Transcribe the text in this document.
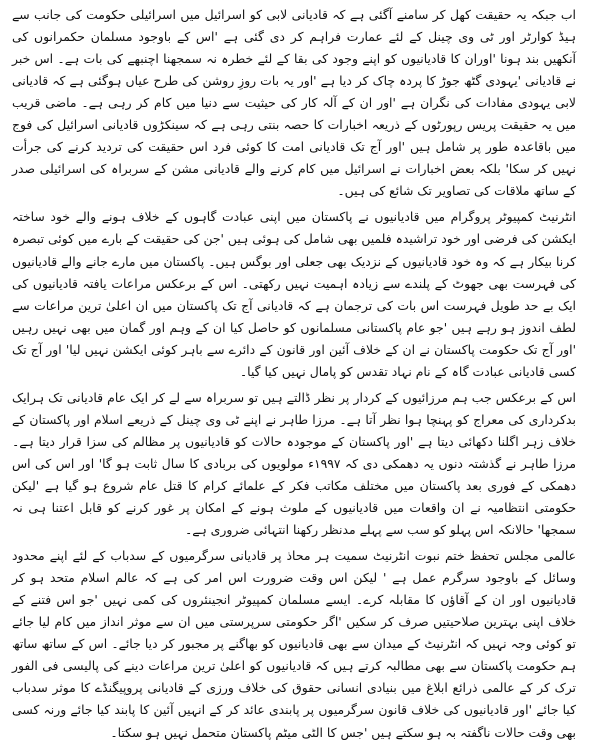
اب جبکہ یہ حقیقت کھل کر سامنے آگئی ہے کہ قادیانی لابی کو اسرائیل میں اسرائیلی حکومت کی جانب سے ہیڈ کوارٹر اور ٹی وی چینل کے لئے عمارت فراہم کر دی گئی ہے 'اس کے باوجود مسلمان حکمرانوں کی آنکھیں بند ہونا 'اوران کا قادیانیوں کو اپنے وجود کی بقا کے لئے خطرہ نہ سمجھنا اچنبھے کی بات ہے۔ اس خبر نے قادیانی 'یہودی گٹھ جوڑ کا پردہ چاک کر دیا ہے 'اور یہ بات روزِ روشن کی طرح عیاں ہوگئی ہے کہ قادیانی لابی یہودی مفادات کی نگران ہے 'اور ان کے آلہ کار کی حیثیت سے دنیا میں کام کر رہی ہے۔ ماضی قریب میں یہ حقیقت پریس رپورٹوں کے ذریعہ اخبارات کا حصہ بنتی رہی ہے کہ سینکڑوں قادیانی اسرائیل کی فوج میں باقاعدہ طور پر شامل ہیں 'اور آج تک قادیانی امت کا کوئی فرد اس حقیقت کی تردید کرنے کی جرأت نہیں کر سکا' بلکہ بعض اخبارات نے اسرائیل میں کام کرنے والے قادیانی مشن کے سربراہ کی اسرائیلی صدر کے ساتھ ملاقات کی تصاویر تک شائع کی ہیں۔

انٹرنیٹ کمپیوٹر پروگرام میں قادیانیوں نے پاکستان میں اپنی عبادت گاہوں کے خلاف ہونے والے خود ساختہ ایکشن کی فرضی اور خود تراشیدہ فلمیں بھی شامل کی ہوئی ہیں 'جن کی حقیقت کے بارے میں کوئی تبصرہ کرنا بیکار ہے کہ وہ خود قادیانیوں کے نزدیک بھی جعلی اور بوگس ہیں۔ پاکستان میں مارے جانے والے قادیانیوں کی فہرست بھی جھوٹ کے پلندے سے زیادہ اہمیت نہیں رکھتی۔ اس کے برعکس مراعات یافتہ قادیانیوں کی ایک بے حد طویل فہرست اس بات کی ترجمان ہے کہ قادیانی آج تک پاکستان میں ان اعلیٰ ترین مراعات سے لطف اندوز ہو رہے ہیں 'جو عام پاکستانی مسلمانوں کو حاصل کیا ان کے وہم اور گمان میں بھی نہیں رہیں 'اور آج تک حکومت پاکستان نے ان کے خلاف آئین اور قانون کے دائرے سے باہر کوئی ایکشن نہیں لیا' اور آج تک کسی قادیانی عبادت گاہ کے نام نہاد تقدس کو پامال نہیں کیا گیا۔

اس کے برعکس جب ہم مرزائیوں کے کردار پر نظر ڈالتے ہیں تو سربراہ سے لے کر ایک عام قادیانی تک ہرایک بدکرداری کی معراج کو پہنچا ہوا نظر آتا ہے۔ مرزا طاہر نے اپنے ٹی وی چینل کے ذریعے اسلام اور پاکستان کے خلاف زہر اگلنا دکھائی دیتا ہے 'اور پاکستان کے موجودہ حالات کو قادیانیوں پر مظالم کی سزا قرار دیتا ہے۔ مرزا طاہر نے گذشتہ دنوں یہ دھمکی دی کہ ۱۹۹۷ء مولویوں کی بربادی کا سال ثابت ہو گا' اور اس کی اس دھمکی کے فوری بعد پاکستان میں مختلف مکاتب فکر کے علمائے کرام کا قتل عام شروع ہو گیا ہے 'لیکن حکومتی انتظامیہ نے ان واقعات میں قادیانیوں کے ملوث ہونے کے امکان پر غور کرنے کو قابل اعتنا ہی نہ سمجھا' حالانکہ اس پہلو کو سب سے پہلے مدنظر رکھنا انتہائی ضروری ہے۔

عالمی مجلس تحفظ ختم نبوت انٹرنیٹ سمیت ہر محاذ پر قادیانی سرگرمیوں کے سدباب کے لئے اپنے محدود وسائل کے باوجود سرگرم عمل ہے ' لیکن اس وقت ضرورت اس امر کی ہے کہ عالم اسلام متحد ہو کر قادیانیوں اور ان کے آقاؤں کا مقابلہ کرے۔ ایسے مسلمان کمپیوٹر انجینئروں کی کمی نہیں 'جو اس فتنے کے خلاف اپنی بہترین صلاحیتیں صرف کر سکیں 'اگر حکومتی سرپرستی میں ان سے موثر انداز میں کام لیا جائے تو کوئی وجہ نہیں کہ انٹرنیٹ کے میدان سے بھی قادیانیوں کو بھاگنے پر مجبور کر دیا جائے۔ اس کے ساتھ ساتھ ہم حکومت پاکستان سے بھی مطالبہ کرتے ہیں کہ قادیانیوں کو اعلیٰ ترین مراعات دینے کی پالیسی فی الفور ترک کر کے عالمی ذرائع ابلاغ میں بنیادی انسانی حقوق کی خلاف ورزی کے قادیانی پروپیگنڈے کا موثر سدباب کیا جائے 'اور قادیانیوں کی خلاف قانون سرگرمیوں پر پابندی عائد کر کے انہیں آئین کا پابند کیا جائے ورنہ کسی بھی وقت حالات ناگفتہ بہ ہو سکتے ہیں 'جس کا الٹی میٹم پاکستان متحمل نہیں ہو سکتا۔
